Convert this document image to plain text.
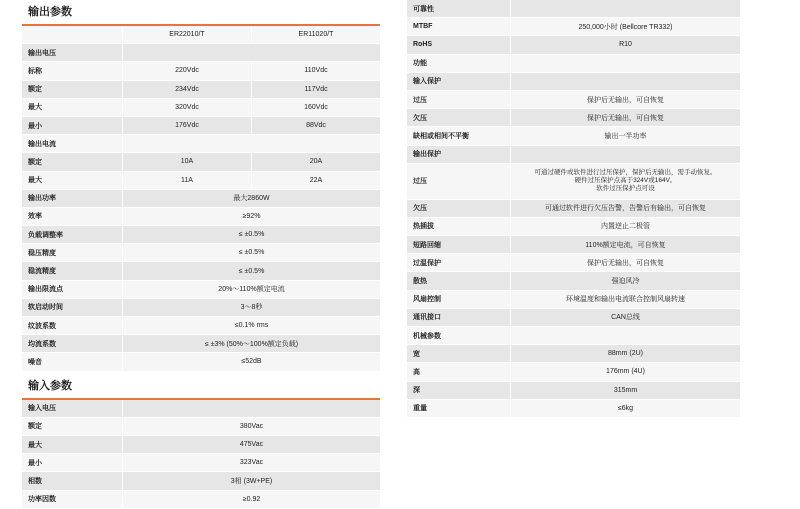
输出参数
ER22010/T	ER11020/T
输出电压
标称	220Vdc	110Vdc
额定	234Vdc	117Vdc
最大	320Vdc	160Vdc
最小	176Vdc	88Vdc
输出电流
额定	10A	20A
最大	11A	22A
输出功率	最大2860W
效率	≥92%
负载调整率	≤ ±0.5%
稳压精度	≤ ±0.5%
稳流精度	≤ ±0.5%
输出限流点	20%～110%额定电流
软启动时间	3～8秒
纹波系数	≤0.1% rms
均流系数	≤ ±3% (50%～100%额定负载)
噪音	≤52dB
输入参数
输入电压
额定	380Vac
最大	475Vac
最小	323Vac
相数	3相 (3W+PE)
功率因数	≥0.92
可靠性
MTBF	250,000小时 (Bellcore TR332)
RoHS	R10
功能
输入保护
过压	保护后无输出，可自恢复
欠压	保护后无输出，可自恢复
缺相或相间不平衡	输出一半功率
输出保护
过压
可通过硬件或软件进行过压保护，保护后无输出，需手动恢复。
硬件过压保护点高于324V或164V。
软件过压保护点可设
欠压	可通过软件进行欠压告警，告警后有输出，可自恢复
热插拔	内置逆止二极管
短路回缩	110%额定电流，可自恢复
过温保护	保护后无输出，可自恢复
散热	强迫风冷
风扇控制	环境温度和输出电流联合控制风扇转速
通讯接口	CAN总线
机械参数
宽	88mm (2U)
高	176mm (4U)
深	315mm
重量	≤6kg
